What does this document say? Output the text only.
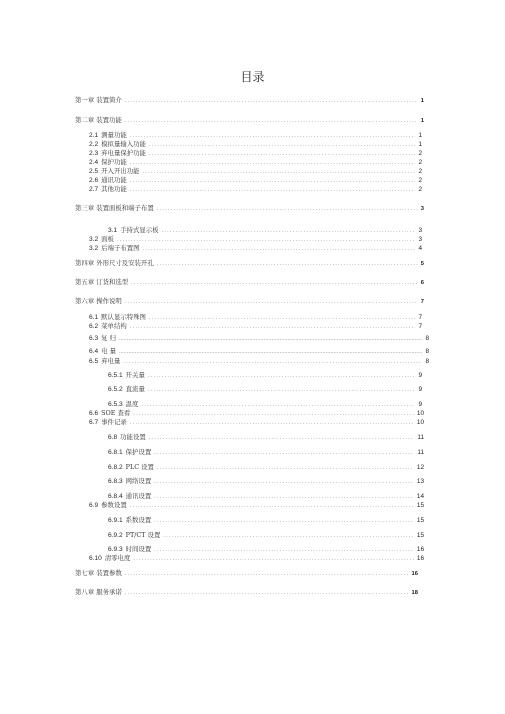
目录
第一章 装置简介 .....	1
第二章 装置功能 .....	1
2.1 测量功能 .....	1
2.2 模拟量输入功能 .....	1
2.3 弃电量保护功能 .....	2
2.4 保护功能 .....	2
2.5 开入开出功能 .....	2
2.6 通讯功能 .....	2
2.7 其他功能 .....	2
第三章 装置面板和端子布置 .....	3
3.1 手持式显示板 .....	3
3.2 面板 .....	3
3.2 后端子布置图 .....	4
第四章 外形尺寸及安装开孔 .....	5
第五章 订货和选型 .....	6
第六章 操作说明 .....	7
6.1 默认显示特殊图 .....	7
6.2 菜单结构 .....	7
6.3 复 归 .....	8
6.4 电 量 .....	8
6.5 弃电量 .....	8
6.5.1 开关量 .....	9
6.5.2 直流量 .....	9
6.5.3 温度 .....	9
6.6 SOE 查看 .....	10
6.7 事件记录 .....	10
6.8 功能设置 .....	11
6.8.1 保护设置 .....	11
6.8.2 PLC 设置 .....	12
6.8.3 网络设置 .....	13
6.8.4 通讯设置 .....	14
6.9 参数设置 .....	15
6.9.1 系数设置 .....	15
6.9.2 PT/CT 设置 .....	15
6.9.3 时间设置 .....	16
6.10 清零电度 .....	16
第七章 装置参数 .....	16
第八章 服务承诺 .....	18
